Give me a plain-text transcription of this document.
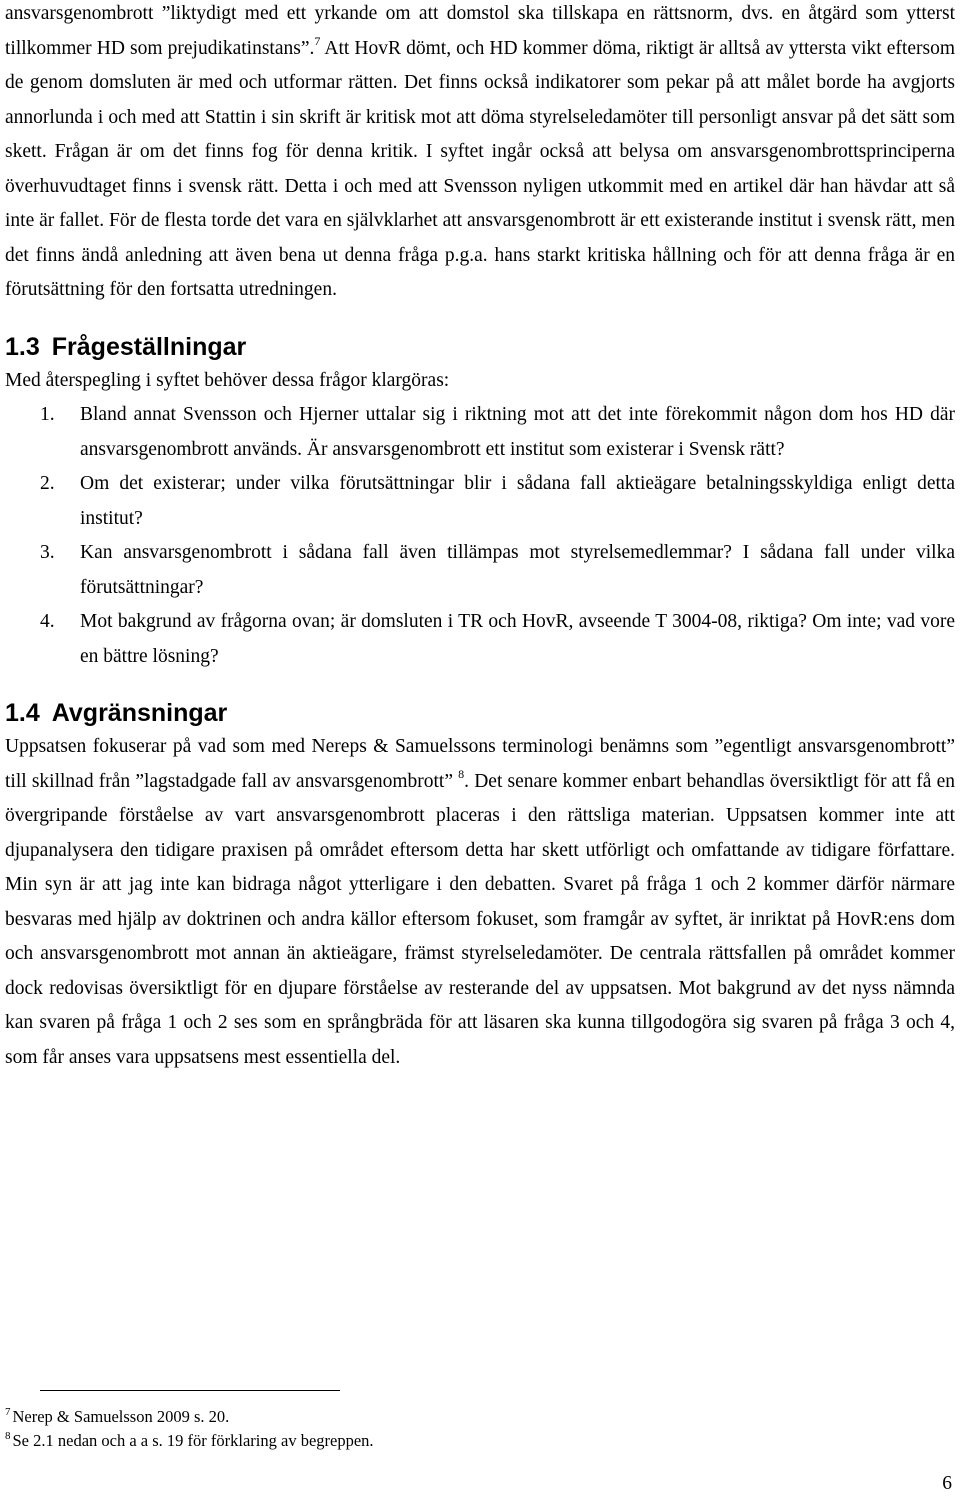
ansvarsgenombrott ”liktydigt med ett yrkande om att domstol ska tillskapa en rättsnorm, dvs. en åtgärd som ytterst tillkommer HD som prejudikatinstans”.$^7$ Att HovR dömt, och HD kommer döma, riktigt är alltså av yttersta vikt eftersom de genom domsluten är med och utformar rätten. Det finns också indikatorer som pekar på att målet borde ha avgjorts annorlunda i och med att Stattin i sin skrift är kritisk mot att döma styrelseledamöter till personligt ansvar på det sätt som skett. Frågan är om det finns fog för denna kritik. I syftet ingår också att belysa om ansvarsgenombrottsprinciperna överhuvudtaget finns i svensk rätt. Detta i och med att Svensson nyligen utkommit med en artikel där han hävdar att så inte är fallet. För de flesta torde det vara en självklarhet att ansvarsgenombrott är ett existerande institut i svensk rätt, men det finns ändå anledning att även bena ut denna fråga p.g.a. hans starkt kritiska hållning och för att denna fråga är en förutsättning för den fortsatta utredningen.

1.3 Frågeställningar

Med återspegling i syftet behöver dessa frågor klargöras:

1. Bland annat Svensson och Hjerner uttalar sig i riktning mot att det inte förekommit någon dom hos HD där ansvarsgenombrott används. Är ansvarsgenombrott ett institut som existerar i Svensk rätt?
2. Om det existerar; under vilka förutsättningar blir i sådana fall aktieägare betalningsskyldiga enligt detta institut?
3. Kan ansvarsgenombrott i sådana fall även tillämpas mot styrelsemedlemmar? I sådana fall under vilka förutsättningar?
4. Mot bakgrund av frågorna ovan; är domsluten i TR och HovR, avseende T 3004-08, riktiga? Om inte; vad vore en bättre lösning?
1.4 Avgränsningar

Uppsatsen fokuserar på vad som med Nereps & Samuelssons terminologi benämns som ”egentligt ansvarsgenombrott” till skillnad från ”lagstadgade fall av ansvarsgenombrott” $^8$. Det senare kommer enbart behandlas översiktligt för att få en övergripande förståelse av vart ansvarsgenombrott placeras i den rättsliga materian. Uppsatsen kommer inte att djupanalysera den tidigare praxisen på området eftersom detta har skett utförligt och omfattande av tidigare författare. Min syn är att jag inte kan bidraga något ytterligare i den debatten. Svaret på fråga 1 och 2 kommer därför närmare besvaras med hjälp av doktrinen och andra källor eftersom fokuset, som framgår av syftet, är inriktat på HovR:ens dom och ansvarsgenombrott mot annan än aktieägare, främst styrelseledamöter. De centrala rättsfallen på området kommer dock redovisas översiktligt för en djupare förståelse av resterande del av uppsatsen. Mot bakgrund av det nyss nämnda kan svaren på fråga 1 och 2 ses som en språngbräda för att läsaren ska kunna tillgodogöra sig svaren på fråga 3 och 4, som får anses vara uppsatsens mest essentiella del.

$^7$ Nerep & Samuelsson 2009 s. 20.
$^8$ Se 2.1 nedan och a a s. 19 för förklaring av begreppen.
6
